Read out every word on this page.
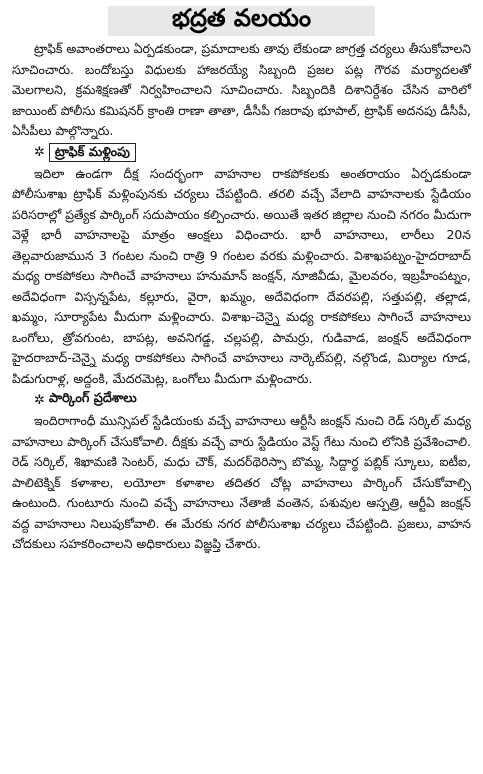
భద్రత వలయం

ట్రాఫిక్ అవాంతరాలు ఏర్పడకుండా, ప్రమాదాలకు తావు లేకుండా జాగ్రత్త చర్యలు తీసుకోవాలని సూచించారు. బందోబస్తు విధులకు హాజరయ్యే సిబ్బంది ప్రజల పట్ల గౌరవ మర్యాదలతో మెలగాలని, క్రమశిక్షణతో నిర్వహించాలని సూచించారు. సిబ్బందికి దిశానిర్దేశం చేసిన వారిలో జాయింట్ పోలీసు కమిషనర్ క్రాంతి రాణా తాతా, డీసీపీ గజరావు భూపాల్, ట్రాఫిక్ అదనపు డీసీపీ, ఏసీపీలు పాల్గొన్నారు.

✲ ట్రాఫిక్ మళ్లింపు

ఇదిలా ఉండగా దీక్ష సందర్భంగా వాహనాల రాకపోకలకు అంతరాయం ఏర్పడకుండా పోలీసుశాఖ ట్రాఫిక్ మళ్లింపునకు చర్యలు చేపట్టింది. తరలి వచ్చే వేలాది వాహనాలకు స్టేడియం పరిసరాల్లో ప్రత్యేక పార్కింగ్ సదుపాయం కల్పించారు. అయితే ఇతర జిల్లాల నుంచి నగరం మీదుగా వెళ్లే భారీ వాహనాలపై మాత్రం ఆంక్షలు విధించారు. భారీ వాహనాలు, లారీలు 20న తెల్లవారుజామున 3 గంటల నుంచి రాత్రి 9 గంటల వరకు మళ్లించారు. విశాఖపట్నం-హైదరాబాద్ మధ్య రాకపోకలు సాగించే వాహనాలు హనుమాన్ జంక్షన్, నూజివీడు, మైలవరం, ఇబ్రహీంపట్నం, అదేవిధంగా విస్సన్నపేట, కల్లూరు, వైరా, ఖమ్మం, అదేవిధంగా దేవరపల్లి, సత్తుపల్లి, తల్లాడ, ఖమ్మం, సూర్యాపేట మీదుగా మళ్లించారు. విశాఖ-చెన్నై మధ్య రాకపోకలు సాగించే వాహనాలు ఒంగోలు, త్రోవగుంట, బాపట్ల, అవనిగడ్డ, చల్లపల్లి, పామర్రు, గుడివాడ, జంక్షన్ అదేవిధంగా హైదరాబాద్-చెన్నై మధ్య రాకపోకలు సాగించే వాహనాలు నార్కెట్‌పల్లి, నల్గొండ, మిర్యాల గూడ, పిడుగురాళ్ల, అద్దంకి, మేదరమెట్ల, ఒంగోలు మీదుగా మళ్లించారు.

✲ పార్కింగ్ ప్రదేశాలు

ఇందిరాగాంధీ మున్సిపల్ స్టేడియంకు వచ్చే వాహనాలు ఆర్టీసీ జంక్షన్ నుంచి రెడ్ సర్కిల్ మధ్య వాహనాలు పార్కింగ్ చేసుకోవాలి. దీక్షకు వచ్చే వారు స్టేడియం వెస్ట్ గేటు నుంచి లోనికి ప్రవేశించాలి. రెడ్ సర్కిల్, శిఖామణి సెంటర్, మధు చౌక్, మదర్‌థెరిస్సా బొమ్మ, సిద్దార్థ పబ్లిక్ స్కూలు, ఐటీఐ, పాలిటెక్నిక్ కళాశాల, లయోలా కళాశాల తదితర చోట్ల వాహనాలు పార్కింగ్ చేసుకోవాల్సి ఉంటుంది. గుంటూరు నుంచి వచ్చే వాహనాలు నేతాజీ వంతెన, పశువుల ఆస్పత్రి, ఆర్టీఏ జంక్షన్ వద్ద వాహనాలు నిలుపుకోవాలి. ఈ మేరకు నగర పోలీసుశాఖ చర్యలు చేపట్టింది. ప్రజలు, వాహన చోదకులు సహకరించాలని అధికారులు విజ్ఞప్తి చేశారు.
